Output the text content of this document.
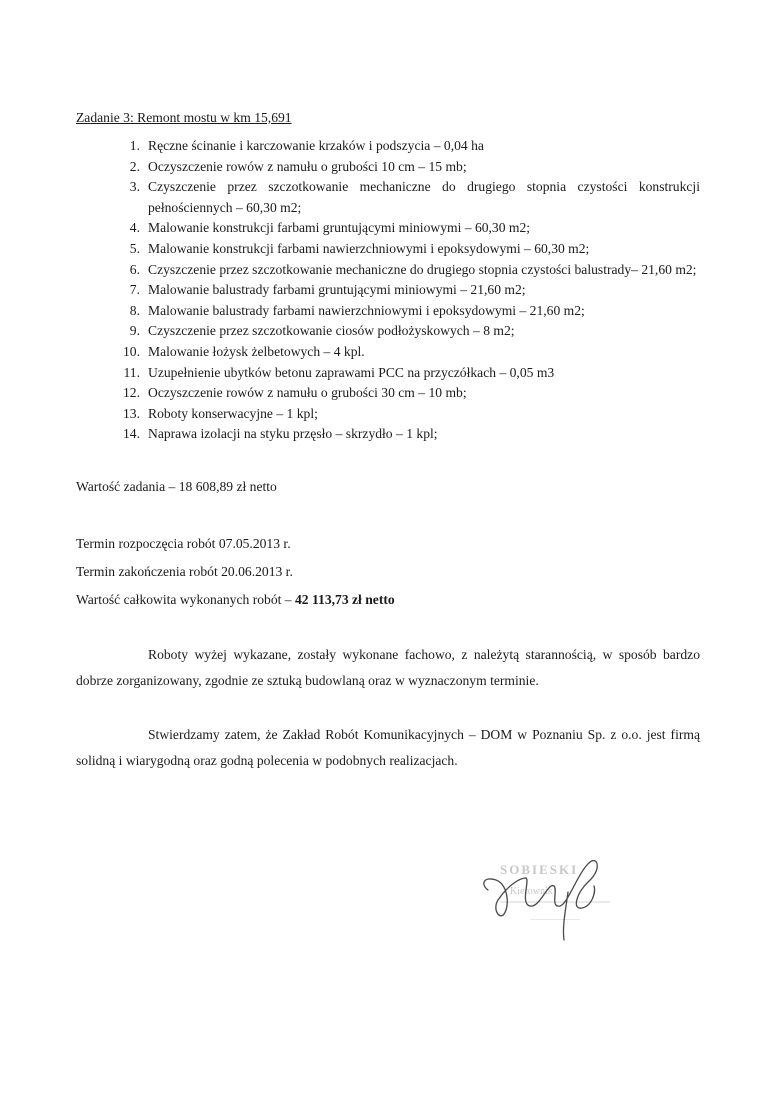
Zadanie 3: Remont mostu w km 15,691
1. Ręczne ścinanie i karczowanie krzaków i podszycia – 0,04 ha
2. Oczyszczenie rowów z namułu o grubości 10 cm – 15 mb;
3. Czyszczenie przez szczotkowanie mechaniczne do drugiego stopnia czystości konstrukcji pełnościennych – 60,30 m2;
4. Malowanie konstrukcji farbami gruntującymi miniowymi – 60,30 m2;
5. Malowanie konstrukcji farbami nawierzchniowymi i epoksydowymi – 60,30 m2;
6. Czyszczenie przez szczotkowanie mechaniczne do drugiego stopnia czystości balustrady– 21,60 m2;
7. Malowanie balustrady farbami gruntującymi miniowymi – 21,60 m2;
8. Malowanie balustrady farbami nawierzchniowymi i epoksydowymi – 21,60 m2;
9. Czyszczenie przez szczotkowanie ciosów podłożyskowych – 8 m2;
10. Malowanie łożysk żelbetowych – 4 kpl.
11. Uzupełnienie ubytków betonu zaprawami PCC na przyczółkach – 0,05 m3
12. Oczyszczenie rowów z namułu o grubości 30 cm – 10 mb;
13. Roboty konserwacyjne – 1 kpl;
14. Naprawa izolacji na styku przęsło – skrzydło – 1 kpl;
Wartość zadania – 18 608,89 zł netto
Termin rozpoczęcia robót 07.05.2013 r.
Termin zakończenia robót 20.06.2013 r.
Wartość całkowita wykonanych robót – 42 113,73 zł netto
Roboty wyżej wykazane, zostały wykonane fachowo, z należytą starannością, w sposób bardzo dobrze zorganizowany, zgodnie ze sztuką budowlaną oraz w wyznaczonym terminie.
Stwierdzamy zatem, że Zakład Robót Komunikacyjnych – DOM w Poznaniu Sp. z o.o. jest firmą solidną i wiarygodną oraz godną polecenia w podobnych realizacjach.
SOBIESKI
Kierownik
.........................
